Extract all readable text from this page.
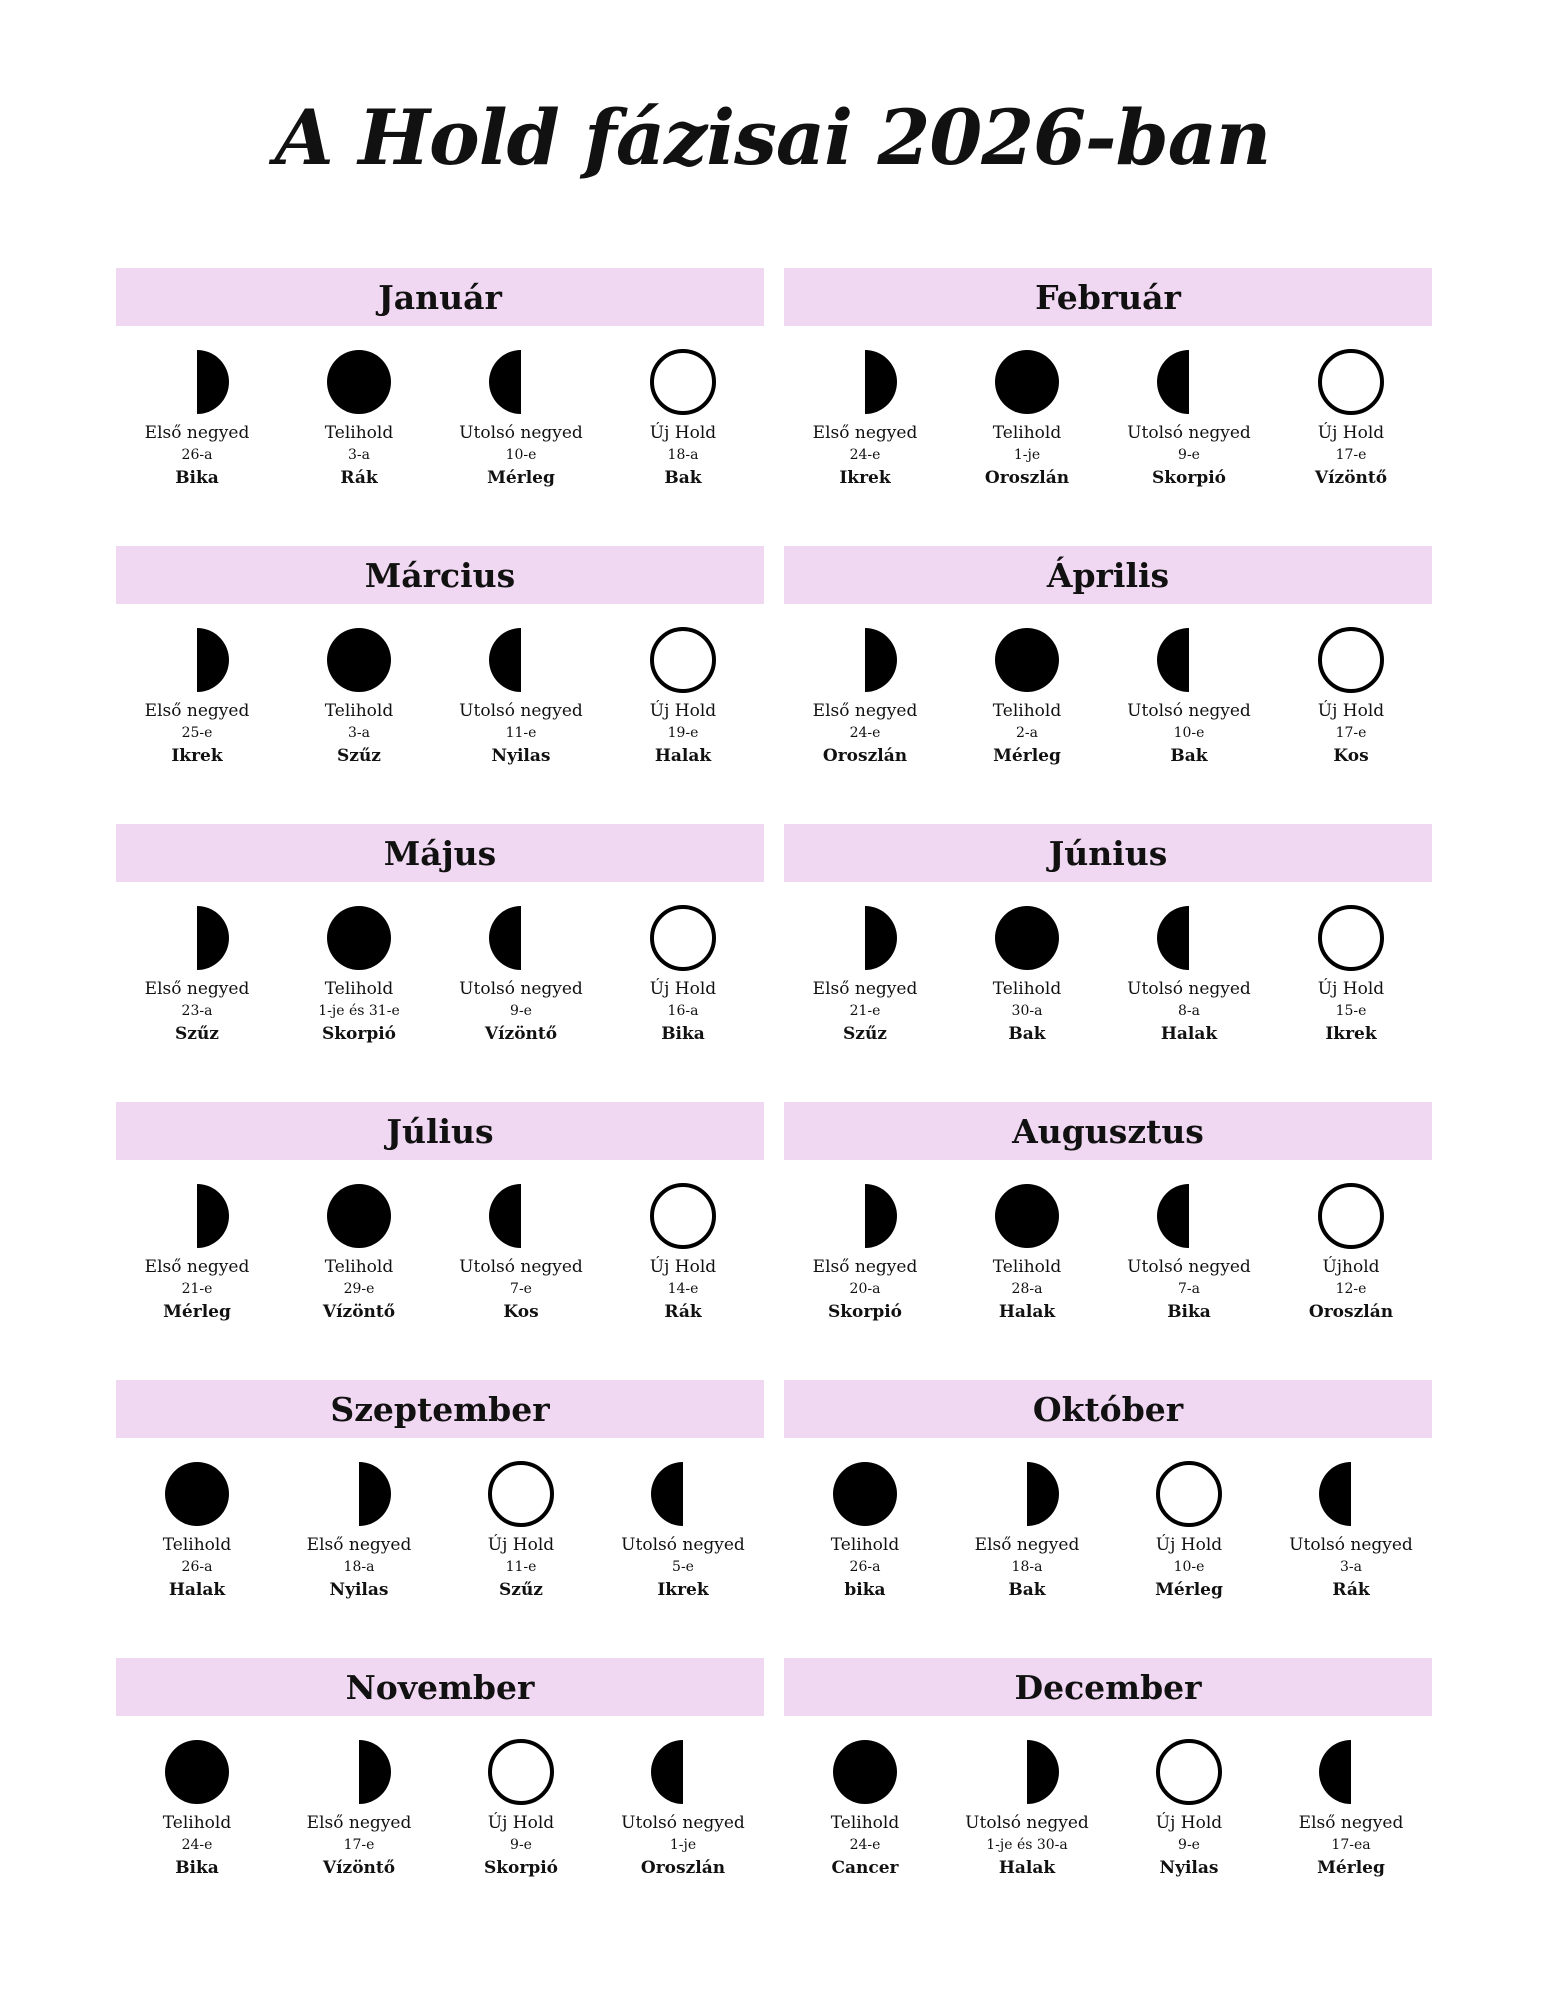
A Hold fázisai 2026-ban
Január
Első negyed
26-a
Bika
Telihold
3-a
Rák
Utolsó negyed
10-e
Mérleg
Új Hold
18-a
Bak
Február
Első negyed
24-e
Ikrek
Telihold
1-je
Oroszlán
Utolsó negyed
9-e
Skorpió
Új Hold
17-e
Vízöntő
Március
Első negyed
25-e
Ikrek
Telihold
3-a
Szűz
Utolsó negyed
11-e
Nyilas
Új Hold
19-e
Halak
Április
Első negyed
24-e
Oroszlán
Telihold
2-a
Mérleg
Utolsó negyed
10-e
Bak
Új Hold
17-e
Kos
Május
Első negyed
23-a
Szűz
Telihold
1-je és 31-e
Skorpió
Utolsó negyed
9-e
Vízöntő
Új Hold
16-a
Bika
Június
Első negyed
21-e
Szűz
Telihold
30-a
Bak
Utolsó negyed
8-a
Halak
Új Hold
15-e
Ikrek
Július
Első negyed
21-e
Mérleg
Telihold
29-e
Vízöntő
Utolsó negyed
7-e
Kos
Új Hold
14-e
Rák
Augusztus
Első negyed
20-a
Skorpió
Telihold
28-a
Halak
Utolsó negyed
7-a
Bika
Újhold
12-e
Oroszlán
Szeptember
Telihold
26-a
Halak
Első negyed
18-a
Nyilas
Új Hold
11-e
Szűz
Utolsó negyed
5-e
Ikrek
Október
Telihold
26-a
bika
Első negyed
18-a
Bak
Új Hold
10-e
Mérleg
Utolsó negyed
3-a
Rák
November
Telihold
24-e
Bika
Első negyed
17-e
Vízöntő
Új Hold
9-e
Skorpió
Utolsó negyed
1-je
Oroszlán
December
Telihold
24-e
Cancer
Utolsó negyed
1-je és 30-a
Halak
Új Hold
9-e
Nyilas
Első negyed
17-ea
Mérleg
